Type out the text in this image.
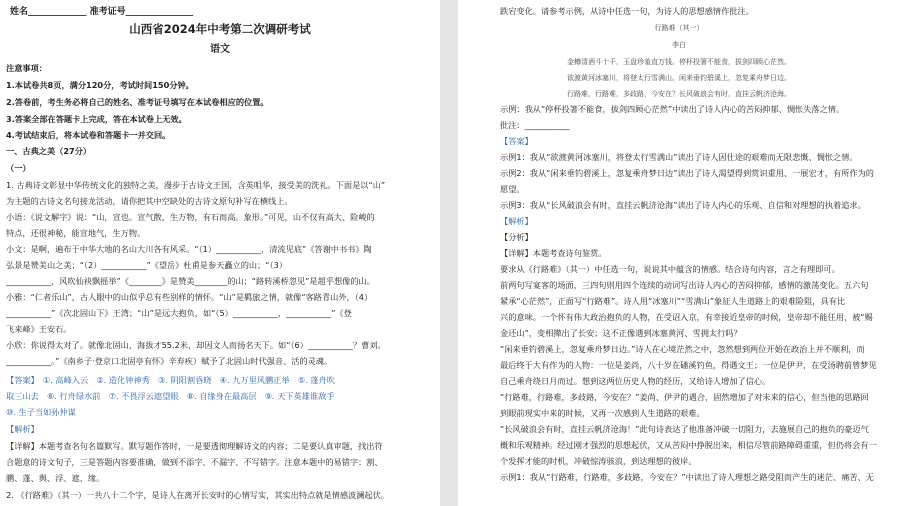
姓名_____________ 准考证号_______________
山西省2024年中考第二次调研考试
语文
注意事项：
1.本试卷共8页，满分120分，考试时间150分钟。
2.答卷前，考生务必将自己的姓名、准考证号填写在本试卷相应的位置。
3.答案全部在答题卡上完成，答在本试卷上无效。
4.考试结束后，将本试卷和答题卡一并交回。
一、古典之美（27分）
（一）
1. 古典诗文彰显中华传统文化的独特之美，漫步于古诗文王国，含英咀华，接受美的洗礼。下面是以“山”
为主题的古诗文名句接龙活动，请你把其中空缺处的古诗文原句补写在横线上。
小语：《说文解字》说：“山，宣也。宣气散，生万物，有石而高。象形。”可见，山不仅有高大、险峻的
特点，还很神秘，能宣地气，生万物。
小文：是啊，遍布于中华大地的名山大川各有风采。“（1）___________，清流见底”《答谢中书书》陶
弘景是赞美山之美；“（2）___________”《望岳》杜甫是参天矗立的山；“（3）
___________，风吹仙袂飘摇举”《________》是赞美________的山；“路转溪桥忽见”是超乎想像的山。
小雅：“仁者乐山”，古人眼中的山似乎总有些别样的情怀。“山”是羁旅之情，就像“客路青山外，（4）
___________”《次北固山下》王湾；“山”是远大抱负，如“（5）___________，___________”《登
飞来峰》王安石。
小欣：你说得太对了。就像北固山，海拔才55.2米，却因文人而扬名天下。如“（6）___________？曹刘。
___________。”《南乡子·登京口北固亭有怀》辛弃疾）赋予了北固山时代强音、活的灵魂。
【答案】　①. 高峰入云　②. 造化钟神秀　③. 阴阳割昏晓　④. 九万里风鹏正举　⑤. 蓬舟吹
取三山去　⑥. 行舟绿水前　⑦. 不畏浮云遮望眼　⑧. 自缘身在最高层　⑨. 天下英雄谁敌手
⑩. 生子当如孙仲谋
【解析】
【详解】本题考查名句名篇默写。默写题作答时，一是要透彻理解诗文的内容；二是要认真审题，找出符
合题意的诗文句子，三是答题内容要准确，做到不添字、不漏字、不写错字。注意本题中的易错字：割、
鹏、蓬、舆、浮、遮、缘。
2. 《行路难》（其一）一共八十二个字，是诗人在离开长安时的心情写实，其实出特点就是情感波澜起伏。
跌宕变化。请参考示例，从诗中任选一句，为诗人的思想感情作批注。
行路难（其一）
李白
金樽清酒斗十千，玉盘珍羞直万钱。停杯投箸不能食，拔剑四顾心茫然。
欲渡黄河冰塞川，将登太行雪满山。闲来垂钓碧溪上，忽复乘舟梦日边。
行路难，行路难，多歧路，今安在？长风破浪会有时，直挂云帆济沧海。
示例：我从“停杯投箸不能食，拔剑四顾心茫然”中读出了诗人内心的苦闷抑郁、惆怅失落之情。
批注：___________
【答案】
示例1：我从“欲渡黄河冰塞川，将登太行雪满山”读出了诗人因仕途的艰难而无限悲慨、惆怅之情。
示例2：我从“闲来垂钓碧溪上，忽复乘舟梦日边”读出了诗人渴望得到赏识重用、一展宏才，有所作为的
愿望。
示例3：我从“长风破浪会有时，直挂云帆济沧海”读出了诗人内心的乐观、自信和对理想的执着追求。
【解析】
【分析】
【详解】本题考查诗句鉴赏。
要求从《行路难》（其一）中任选一句，说说其中蕴含的情感。结合诗句内容，言之有理即可。
前两句写宴客的场面，三四句则用四个连续的动词写出诗人内心的苦闷抑郁，感情的激荡变化。五六句
紧承“心茫然”，正面写“行路难”。诗人用“冰塞川”“雪满山”象征人生道路上的艰难险阻，具有比
兴的意味。一个怀有伟大政治抱负的人物，在受诏入京，有幸接近皇帝的时候，皇帝却不能任用，被“赐
金还山”，变相撵出了长安；这不正像遇到冰塞黄河、雪拥太行吗？
“闲来垂钓碧溪上，忽复乘舟梦日边。”诗人在心境茫然之中，忽然想到两位开始在政治上并不顺利，而
最后终于大有作为的人物：一位是姜尚，八十岁在磻溪钓鱼，得遇文王；一位是伊尹，在受汤聘前曾梦见
自己乘舟绕日月而过。想到这两位历史人物的经历，又给诗人增加了信心。
“行路难，行路难，多歧路，今安在？”姜尚、伊尹的遇合，固然增加了对未来的信心，但当他的思路回
到眼前现实中来的时候，又再一次感到人生道路的艰难。
“长风破浪会有时，直挂云帆济沧海！”此句诗表达了他准备冲破一切阻力，去施展自己的抱负的豪迈气
概和乐观精神。经过刚才强烈的思想起伏，又从苦闷中挣脱出来，相信尽管前路障碍重重，但仍将会有一
个发挥才能的时机，冲破惊涛骇浪，到达理想的彼岸。
示例1：我从“行路难，行路难，多歧路，今安在？”中读出了诗人理想之路受阻而产生的迷茫、痛苦、无
